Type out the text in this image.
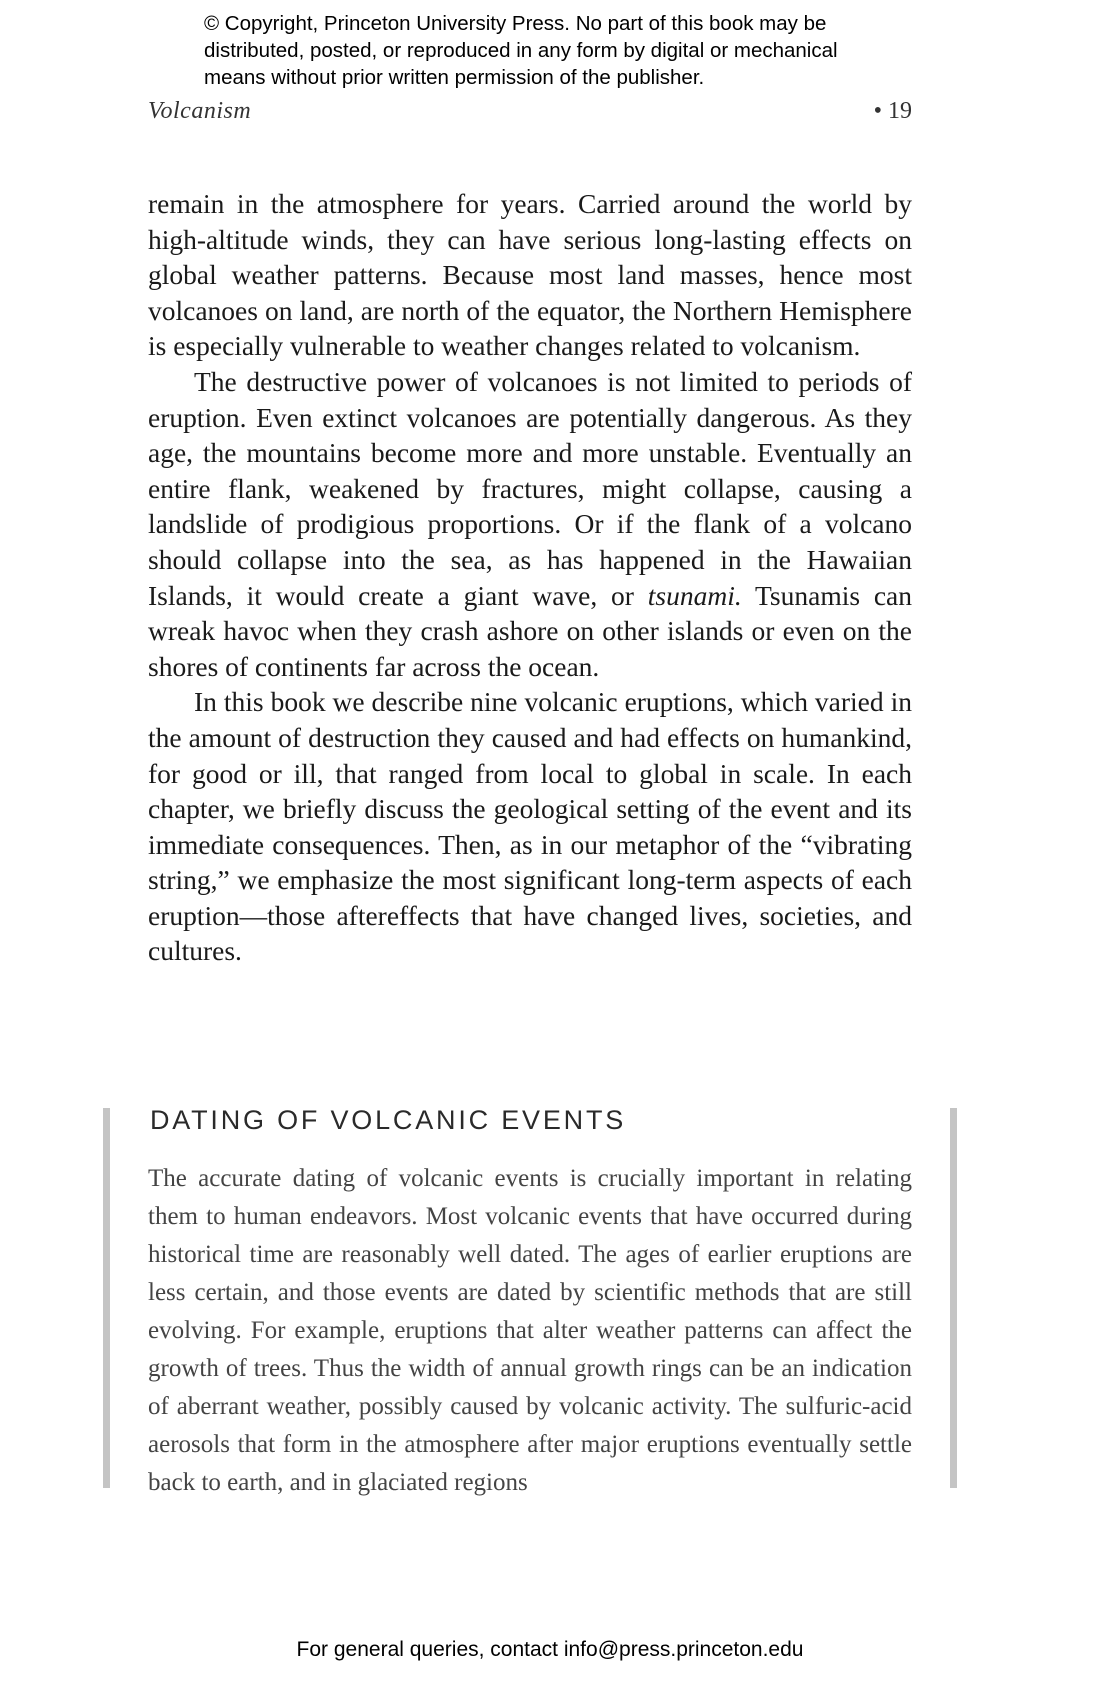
© Copyright, Princeton University Press. No part of this book may be
distributed, posted, or reproduced in any form by digital or mechanical
means without prior written permission of the publisher.
Volcanism	• 19

remain in the atmosphere for years. Carried around the world by high-altitude winds, they can have serious long-lasting effects on global weather patterns. Because most land masses, hence most volcanoes on land, are north of the equator, the Northern Hemisphere is especially vulnerable to weather changes related to volcanism.

The destructive power of volcanoes is not limited to periods of eruption. Even extinct volcanoes are potentially dangerous. As they age, the mountains become more and more unstable. Eventually an entire flank, weakened by fractures, might collapse, causing a landslide of prodigious proportions. Or if the flank of a volcano should collapse into the sea, as has happened in the Hawaiian Islands, it would create a giant wave, or tsunami. Tsunamis can wreak havoc when they crash ashore on other islands or even on the shores of continents far across the ocean.

In this book we describe nine volcanic eruptions, which varied in the amount of destruction they caused and had effects on humankind, for good or ill, that ranged from local to global in scale. In each chapter, we briefly discuss the geological setting of the event and its immediate consequences. Then, as in our metaphor of the “vibrating string,” we emphasize the most significant long-term aspects of each eruption—those aftereffects that have changed lives, societies, and cultures.

DATING OF VOLCANIC EVENTS

The accurate dating of volcanic events is crucially important in relating them to human endeavors. Most volcanic events that have occurred during historical time are reasonably well dated. The ages of earlier eruptions are less certain, and those events are dated by scientific methods that are still evolving. For example, eruptions that alter weather patterns can affect the growth of trees. Thus the width of annual growth rings can be an indication of aberrant weather, possibly caused by volcanic activity. The sulfuric-acid aerosols that form in the atmosphere after major eruptions eventually settle back to earth, and in glaciated regions

For general queries, contact info@press.princeton.edu
